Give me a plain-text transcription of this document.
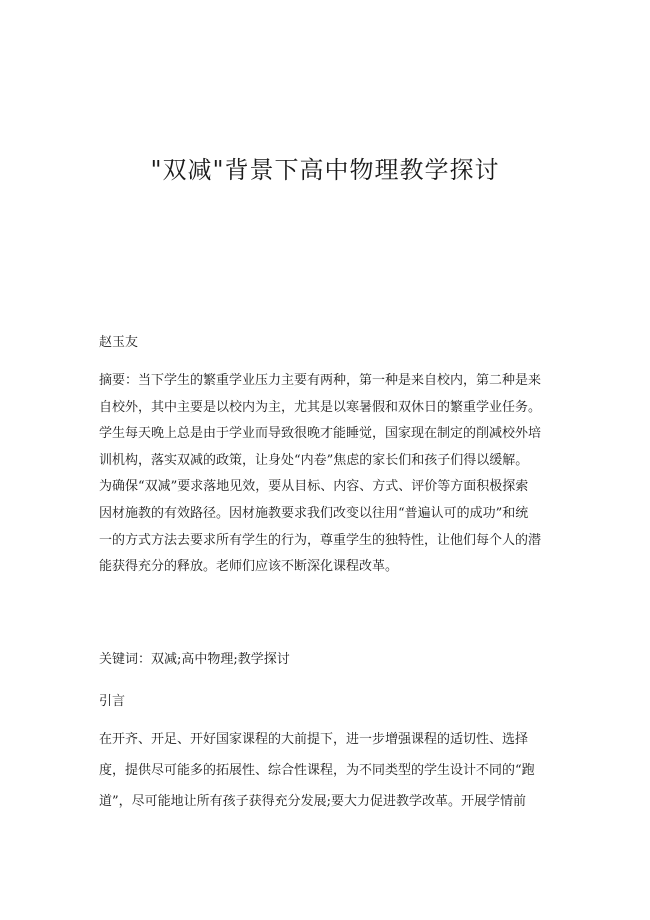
"双减"背景下高中物理教学探讨

赵玉友

摘要：当下学生的繁重学业压力主要有两种，第一种是来自校内，第二种是来
自校外，其中主要是以校内为主，尤其是以寒暑假和双休日的繁重学业任务。
学生每天晚上总是由于学业而导致很晚才能睡觉，国家现在制定的削减校外培
训机构，落实双减的政策，让身处“内卷”焦虑的家长们和孩子们得以缓解。
为确保“双减”要求落地见效，要从目标、内容、方式、评价等方面积极探索
因材施教的有效路径。因材施教要求我们改变以往用“普遍认可的成功”和统
一的方式方法去要求所有学生的行为，尊重学生的独特性，让他们每个人的潜
能获得充分的释放。老师们应该不断深化课程改革。

关键词：双减;高中物理;教学探讨

引言

在开齐、开足、开好国家课程的大前提下，进一步增强课程的适切性、选择
度，提供尽可能多的拓展性、综合性课程，为不同类型的学生设计不同的“跑
道”，尽可能地让所有孩子获得充分发展;要大力促进教学改革。开展学情前
